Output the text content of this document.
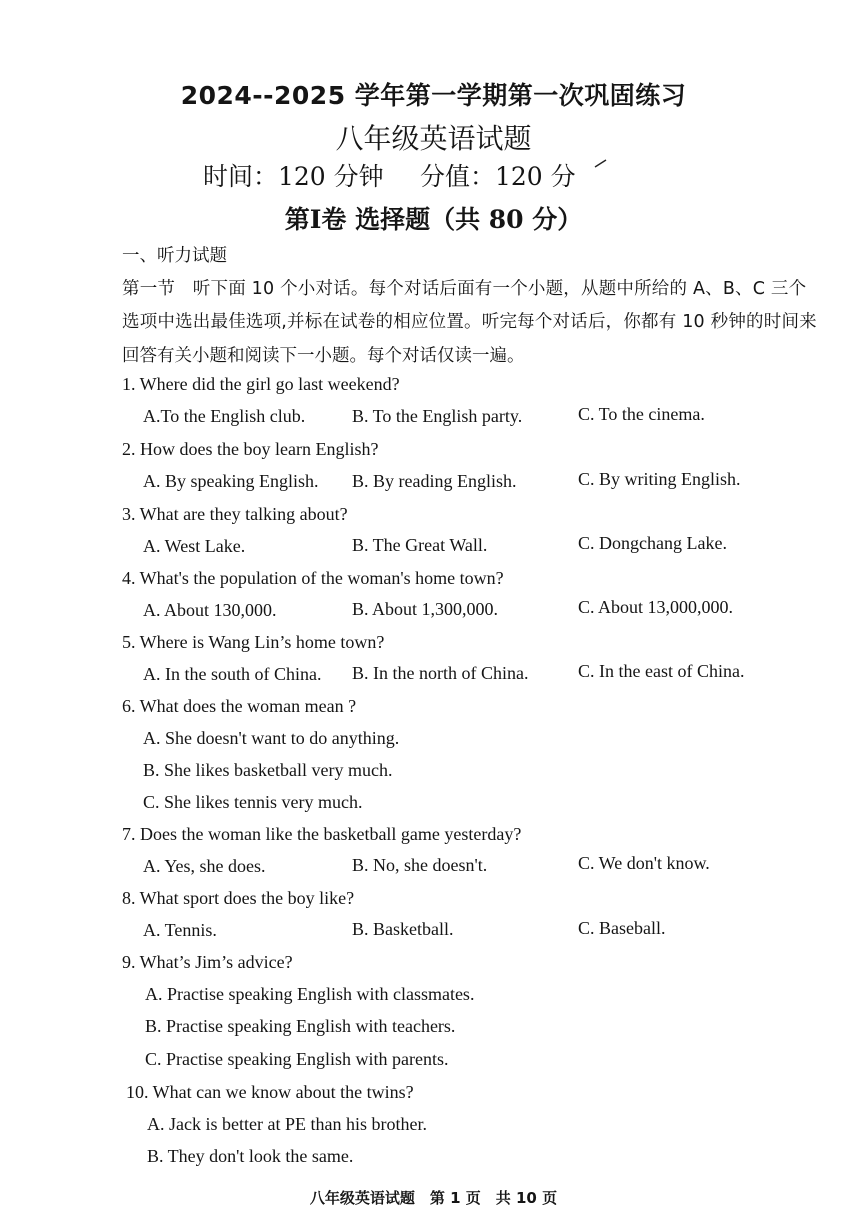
2024--2025 学年第一学期第一次巩固练习
八年级英语试题
时间：120 分钟 分值：120 分
第Ⅰ卷 选择题（共 80 分）
一、听力试题
第一节　听下面 10 个小对话。每个对话后面有一个小题，从题中所给的 A、B、C 三个
选项中选出最佳选项,并标在试卷的相应位置。听完每个对话后，你都有 10 秒钟的时间来
回答有关小题和阅读下一小题。每个对话仅读一遍。
1. Where did the girl go last weekend?
A.To the English club.	B. To the English party.	C. To the cinema.
2. How does the boy learn English?
A. By speaking English. B. By reading English.	C. By writing English.
3. What are they talking about?
A. West Lake.	B. The Great Wall.	C. Dongchang Lake.
4. What's the population of the woman's home town?
A. About 130,000.	B. About 1,300,000.	C. About 13,000,000.
5. Where is Wang Lin’s home town?
A. In the south of China. B. In the north of China.	C. In the east of China.
6. What does the woman mean ?
A. She doesn't want to do anything.
B. She likes basketball very much.
C. She likes tennis very much.
7. Does the woman like the basketball game yesterday?
A. Yes, she does.	B. No, she doesn't.	C. We don't know.
8. What sport does the boy like?
A. Tennis.	B. Basketball.	C. Baseball.
9. What’s Jim’s advice?
A. Practise speaking English with classmates.
B. Practise speaking English with teachers.
C. Practise speaking English with parents.
10. What can we know about the twins?
A. Jack is better at PE than his brother.
B. They don't look the same.
八年级英语试题　第 1 页　共 10 页
